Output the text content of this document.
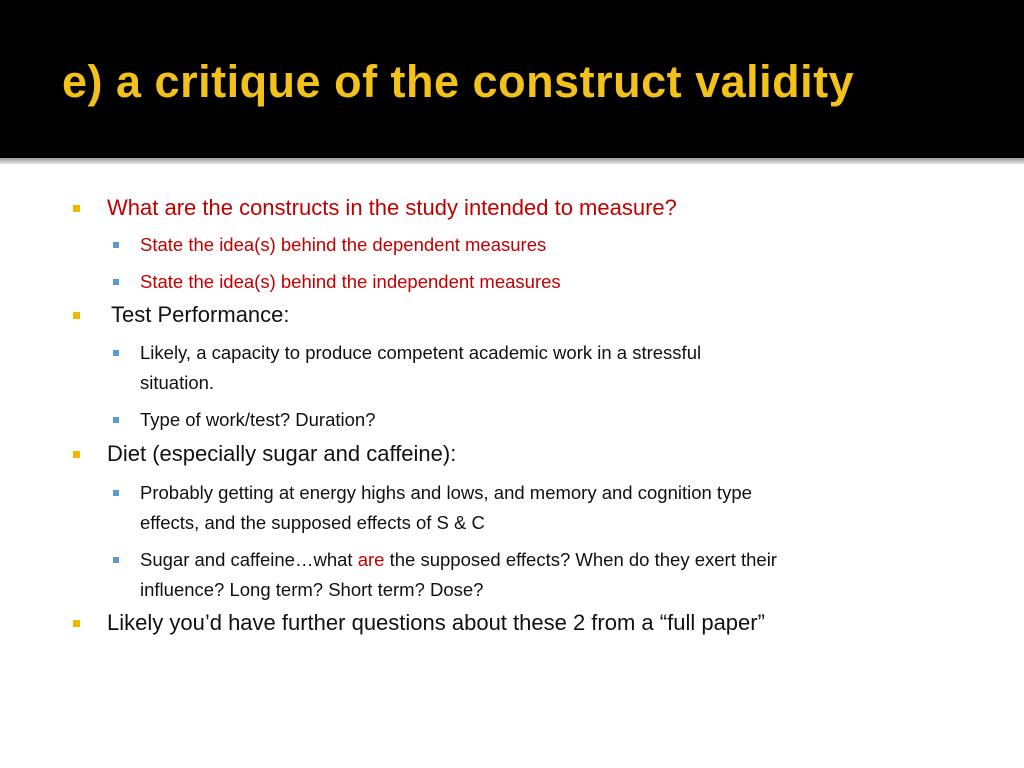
e) a critique of the construct validity
What are the constructs in the study intended to measure?
State the idea(s) behind the dependent measures
State the idea(s) behind the independent measures
Test Performance:
Likely, a capacity to produce competent academic work in a stressful
situation.
Type of work/test? Duration?
Diet (especially sugar and caffeine):
Probably getting at energy highs and lows, and memory and cognition type
effects, and the supposed effects of S & C
Sugar and caffeine…what are the supposed effects? When do they exert their
influence? Long term? Short term? Dose?
Likely you’d have further questions about these 2 from a “full paper”
